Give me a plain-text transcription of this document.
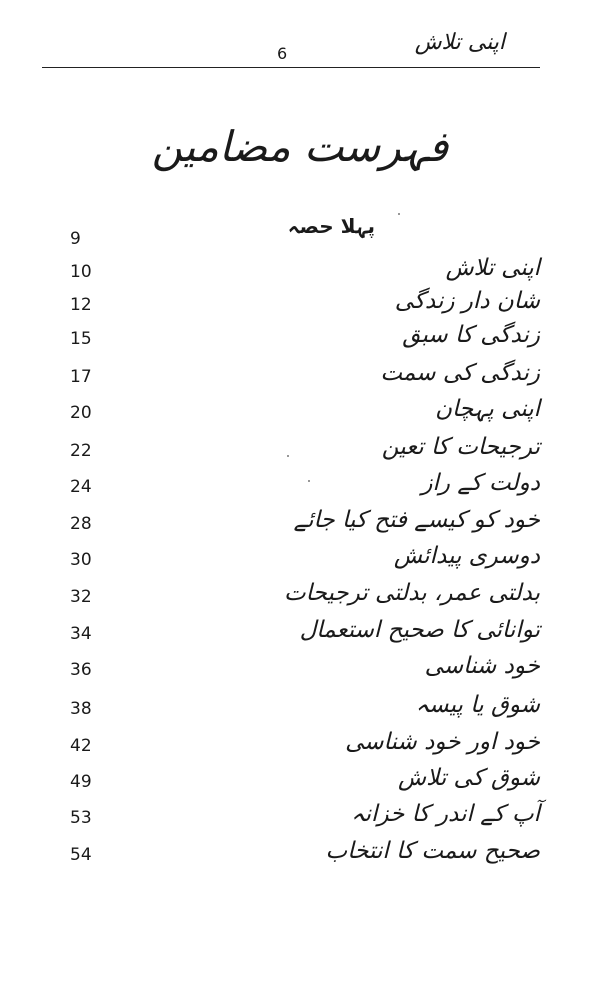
اپنی تلاش
6
فہرست مضامین
9
پہلا حصہ
اپنی تلاش
10
شان دار زندگی
12
زندگی کا سبق
15
زندگی کی سمت
17
اپنی پہچان
20
ترجیحات کا تعین
22
دولت کے راز
24
خود کو کیسے فتح کیا جائے
28
دوسری پیدائش
30
بدلتی عمر، بدلتی ترجیحات
32
توانائی کا صحیح استعمال
34
خود شناسی
36
شوق یا پیسہ
38
خود اور خود شناسی
42
شوق کی تلاش
49
آپ کے اندر کا خزانہ
53
صحیح سمت کا انتخاب
54
